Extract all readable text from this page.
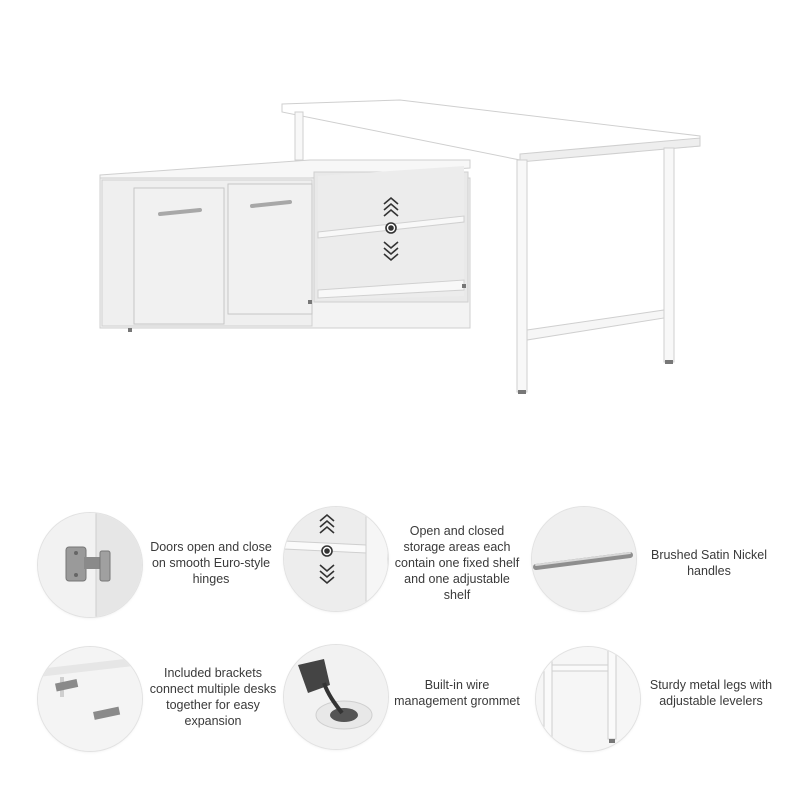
Doors open and close on smooth Euro-style hinges
Open and closed storage areas each contain one fixed shelf and one adjustable shelf
Brushed Satin Nickel handles
Included brackets connect multiple desks together for easy expansion
Built-in wire management grommet
Sturdy metal legs with adjustable levelers
